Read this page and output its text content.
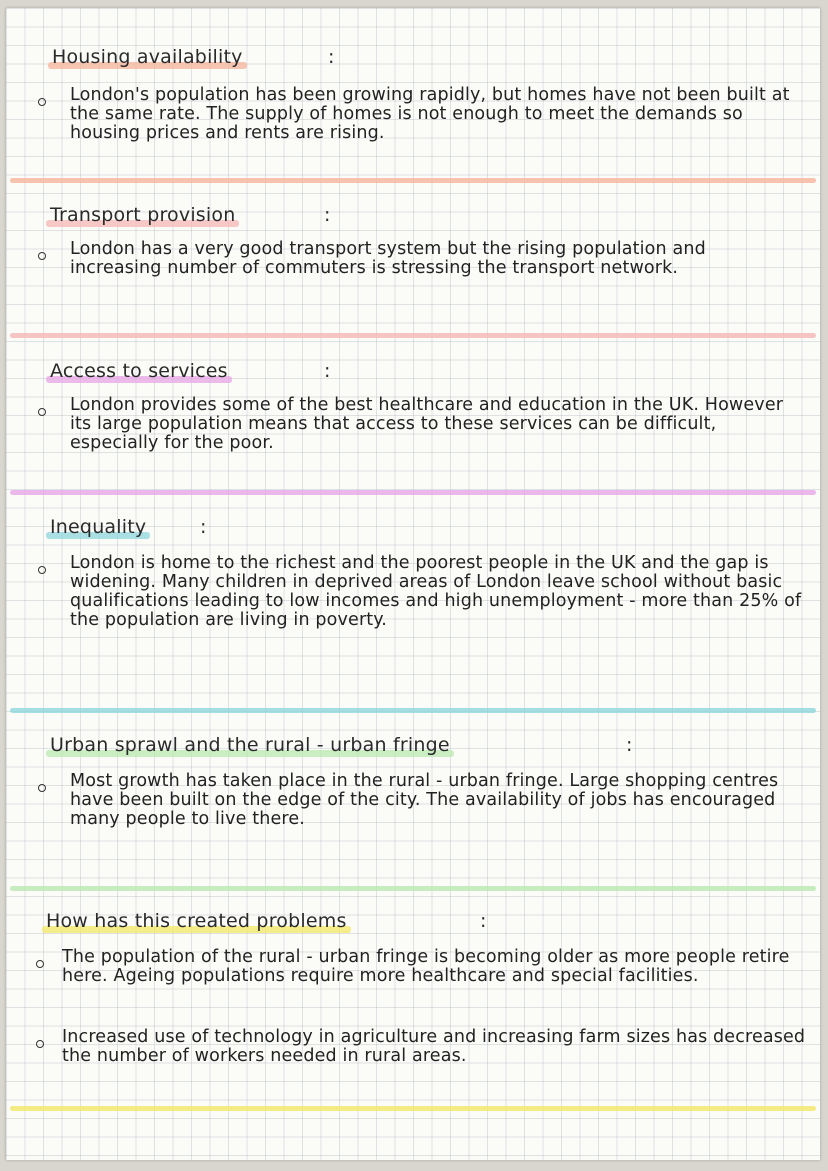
Housing availability	:

London's population has been growing rapidly, but homes have not been built at the same rate. The supply of homes is not enough to meet the demands so housing prices and rents are rising.

Transport provision	:

London has a very good transport system but the rising population and increasing number of commuters is stressing the transport network.

Access to services	:

London provides some of the best healthcare and education in the UK. However its large population means that access to these services can be difficult, especially for the poor.

Inequality	:

London is home to the richest and the poorest people in the UK and the gap is widening. Many children in deprived areas of London leave school without basic qualifications leading to low incomes and high unemployment - more than 25% of the population are living in poverty.

Urban sprawl and the rural - urban fringe	:

Most growth has taken place in the rural - urban fringe. Large shopping centres have been built on the edge of the city. The availability of jobs has encouraged many people to live there.

How has this created problems	:

The population of the rural - urban fringe is becoming older as more people retire here. Ageing populations require more healthcare and special facilities.

Increased use of technology in agriculture and increasing farm sizes has decreased the number of workers needed in rural areas.
